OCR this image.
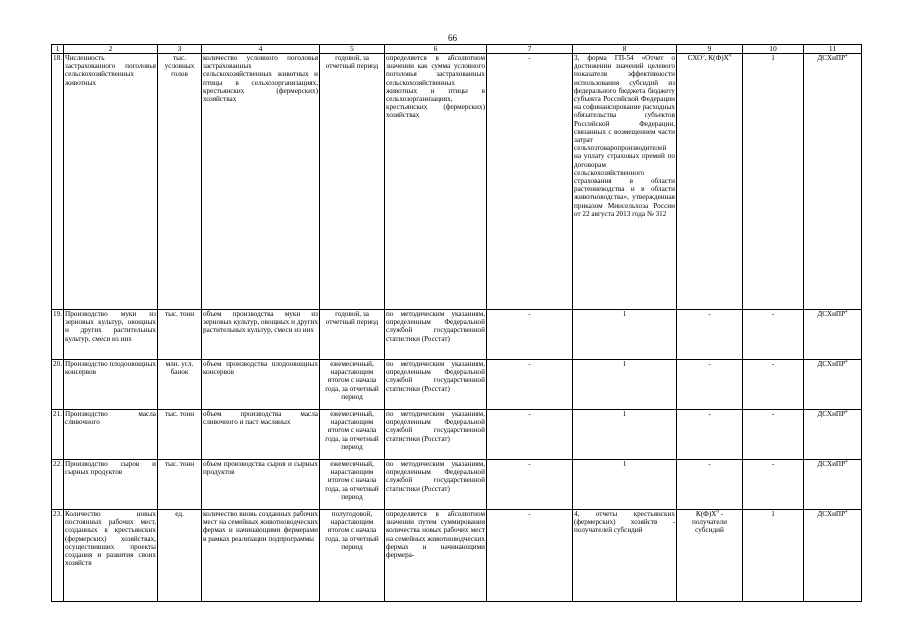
66
1	2	3	4	5	6	7	8	9	10	11
18.	Численность застрахованного поголовья сельскохозяйственных животных	тыс. условных голов	количество условного поголовья застрахованных сельскохозяйственных животных и птицы в сельхозорганизациях, крестьянских (фермерских) хозяйствах	годовой, за отчетный период	определяется в абсолютном значении как сумма условного поголовья застрахованных сельскохозяйственных животных и птицы в сельхозорганизациях, крестьянских (фермерских) хозяйствах	-	3, форма ГП-54 «Отчет о достижении значений целевого показателя эффективности использования субсидий из федерального бюджета бюджету субъекта Российской Федерации на софинансирование расходных обязательства субъектов Российской Федерации, связанных с возмещением части затрат сельхозтоваропроизводителей на уплату страховых премий по договорам сельскохозяйственного страхования в области растениеводства и в области животноводства», утвержденная приказом Минсельхоза России от 22 августа 2013 года № 312	СХО$^5$, $К(Ф)Х^6$	1	ДСХиПР$^4$
19.	Производство муки из зерновых культур, овощных и других растительных культур, смеси из них	тыс. тонн	объем производства муки из зерновых культур, овощных и других растительных культур, смеси из них	годовой, за отчетный период	по методическим указаниям, определенным Федеральной службой государственной статистики (Росстат)	-	1	-	-	ДСХиПР$^4$
20.	Производство плодоовощных консервов	млн. усл. банок	объем производства плодоовощных консервов	ежемесячный, нарастающим итогом с начала года, за отчетный период	по методическим указаниям, определенным Федеральной службой государственной статистики (Росстат)	-	1	-	-	ДСХиПР$^4$
21.	Производство масла сливочного	тыс. тонн	объем производства масла сливочного и паст масляных	ежемесячный, нарастающим итогом с начала года, за отчетный период	по методическим указаниям, определенным Федеральной службой государственной статистики (Росстат)	-	1	-	-	ДСХиПР$^4$
22.	Производство сыров и сырных продуктов	тыс. тонн	объем производства сыров и сырных продуктов	ежемесячный, нарастающим итогом с начала года, за отчетный период	по методическим указаниям, определенным Федеральной службой государственной статистики (Росстат)	-	1	-	-	ДСХиПР$^4$
23.	Количество новых постоянных рабочих мест, созданных в крестьянских (фермерских) хозяйствах, осуществивших проекты создания и развития своих хозяйств	ед.	количество вновь созданных рабочих мест на семейных животноводческих фермах и начинающими фермерами в рамках реализации подпрограммы	полугодовой, нарастающим итогом с начала года, за отчетный период	определяется в абсолютном значении путем суммирования количества новых рабочих мест на семейных животноводческих фермах и начинающими фермера-	-	4, отчеты крестьянских (фермерских) хозяйств - получателей субсидий	$К(Ф)Х^6$ - получатели субсидий	1	ДСХиПР$^4$
